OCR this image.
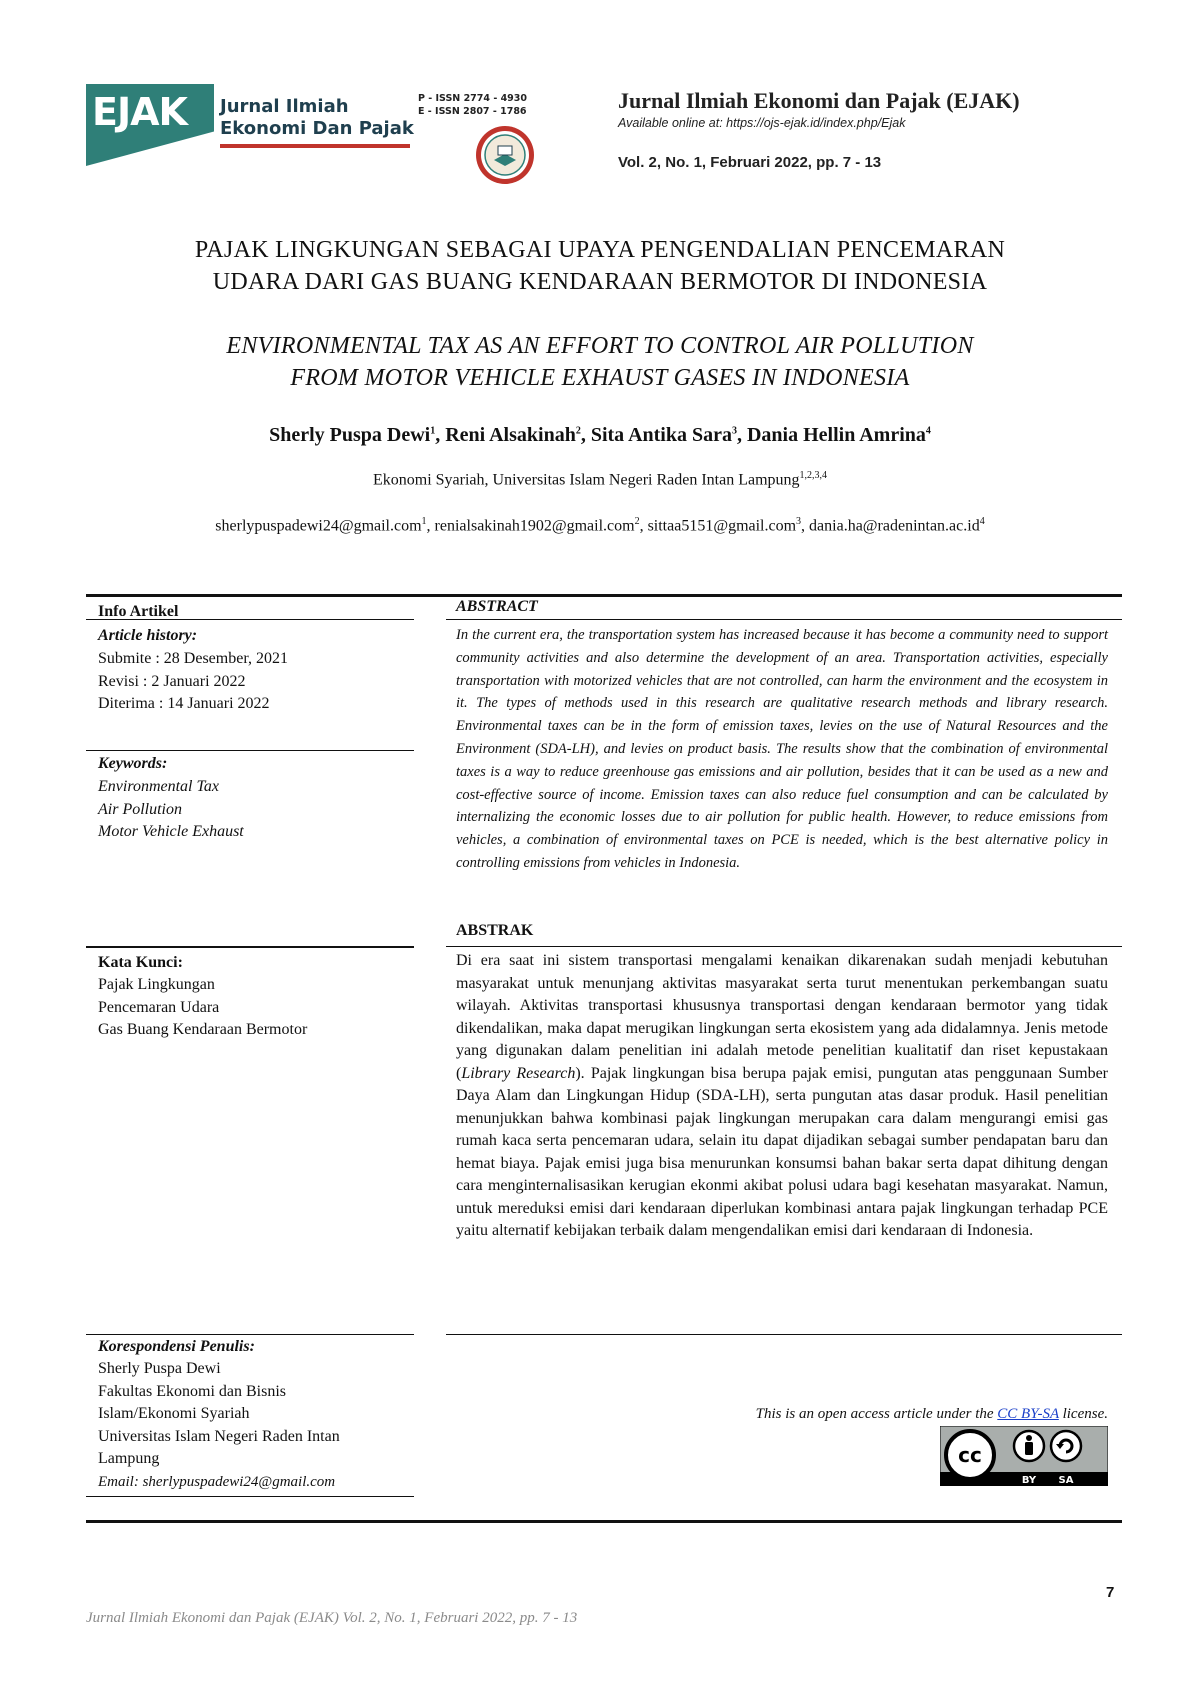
EJAK Jurnal Ilmiah
Ekonomi Dan Pajak
P - ISSN 2774 - 4930
E - ISSN 2807 - 1786	Jurnal Ilmiah Ekonomi dan Pajak (EJAK)
Available online at: https://ojs-ejak.id/index.php/Ejak
Vol. 2, No. 1, Februari 2022, pp. 7 - 13
PAJAK LINGKUNGAN SEBAGAI UPAYA PENGENDALIAN PENCEMARAN
UDARA DARI GAS BUANG KENDARAAN BERMOTOR DI INDONESIA
ENVIRONMENTAL TAX AS AN EFFORT TO CONTROL AIR POLLUTION
FROM MOTOR VEHICLE EXHAUST GASES IN INDONESIA
Sherly Puspa Dewi$^1$, Reni Alsakinah$^2$, Sita Antika Sara$^3$, Dania Hellin Amrina$^4$
Ekonomi Syariah, Universitas Islam Negeri Raden Intan Lampung$^{1,2,3,4}$
sherlypuspadewi24@gmail.com$^1$, renialsakinah1902@gmail.com$^2$, sittaa5151@gmail.com$^3$, $dania.ha@radenintan.ac.id^4$
Info Artikel
Article history:
Submite : 28 Desember, 2021
Revisi : 2 Januari 2022
Diterima : 14 Januari 2022
Keywords:
Environmental Tax
Air Pollution
Motor Vehicle Exhaust
Kata Kunci:
Pajak Lingkungan
Pencemaran Udara
Gas Buang Kendaraan Bermotor
Korespondensi Penulis:
Sherly Puspa Dewi
Fakultas Ekonomi dan Bisnis
Islam/Ekonomi Syariah
Universitas Islam Negeri Raden Intan
Lampung
Email: sherlypuspadewi24@gmail.com
ABSTRACT
In the current era, the transportation system has increased because it has become a community need to support community activities and also determine the development of an area. Transportation activities, especially transportation with motorized vehicles that are not controlled, can harm the environment and the ecosystem in it. The types of methods used in this research are qualitative research methods and library research. Environmental taxes can be in the form of emission taxes, levies on the use of Natural Resources and the Environment (SDA-LH), and levies on product basis. The results show that the combination of environmental taxes is a way to reduce greenhouse gas emissions and air pollution, besides that it can be used as a new and cost-effective source of income. Emission taxes can also reduce fuel consumption and can be calculated by internalizing the economic losses due to air pollution for public health. However, to reduce emissions from vehicles, a combination of environmental taxes on PCE is needed, which is the best alternative policy in controlling emissions from vehicles in Indonesia.
ABSTRAK
Di era saat ini sistem transportasi mengalami kenaikan dikarenakan sudah menjadi kebutuhan masyarakat untuk menunjang aktivitas masyarakat serta turut menentukan perkembangan suatu wilayah. Aktivitas transportasi khususnya transportasi dengan kendaraan bermotor yang tidak dikendalikan, maka dapat merugikan lingkungan serta ekosistem yang ada didalamnya. Jenis metode yang digunakan dalam penelitian ini adalah metode penelitian kualitatif dan riset kepustakaan (Library Research). Pajak lingkungan bisa berupa pajak emisi, pungutan atas penggunaan Sumber Daya Alam dan Lingkungan Hidup (SDA-LH), serta pungutan atas dasar produk. Hasil penelitian menunjukkan bahwa kombinasi pajak lingkungan merupakan cara dalam mengurangi emisi gas rumah kaca serta pencemaran udara, selain itu dapat dijadikan sebagai sumber pendapatan baru dan hemat biaya. Pajak emisi juga bisa menurunkan konsumsi bahan bakar serta dapat dihitung dengan cara menginternalisasikan kerugian ekonmi akibat polusi udara bagi kesehatan masyarakat. Namun, untuk mereduksi emisi dari kendaraan diperlukan kombinasi antara pajak lingkungan terhadap PCE yaitu alternatif kebijakan terbaik dalam mengendalikan emisi dari kendaraan di Indonesia.
This is an open access article under the CC BY-SA license.
cc
BY SA
7
Jurnal Ilmiah Ekonomi dan Pajak (EJAK) Vol. 2, No. 1, Februari 2022, pp. 7 - 13
